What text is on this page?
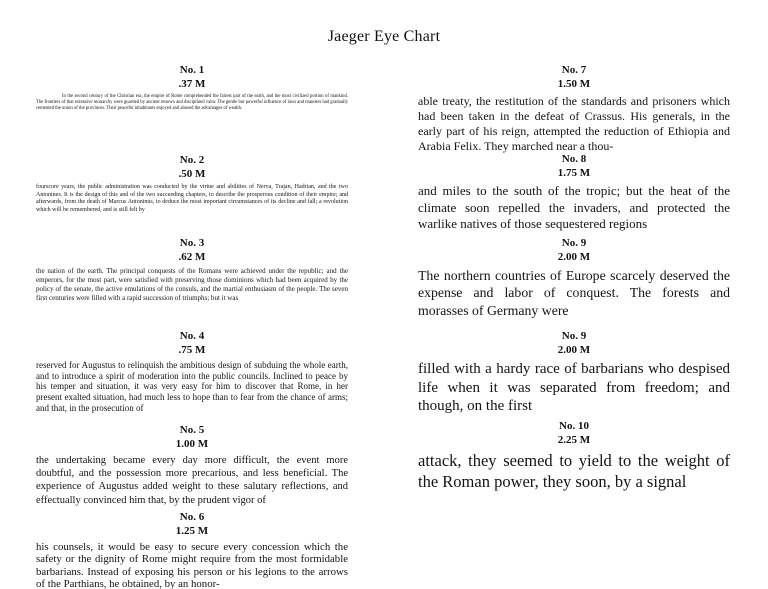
Jaeger Eye Chart
No. 1
.37 M

In the second century of the Christian era, the empire of Rome comprehended the fairest part of the earth, and the most civilized portion of mankind. The frontiers of that extensive monarchy were guarded by ancient renown and disciplined valor. The gentle but powerful influence of laws and manners had gradually cemented the union of the provinces. Their peaceful inhabitants enjoyed and abused the advantages of wealth.

No. 2
.50 M

fourscore years, the public administration was conducted by the virtue and abilities of Nerva, Trajan, Hadrian, and the two Antonines. It is the design of this and of the two succeeding chapters, to describe the prosperous condition of their empire; and afterwards, from the death of Marcus Antoninus, to deduce the most important circumstances of its decline and fall; a revolution which will be remembered, and is still felt by

No. 3
.62 M

the nation of the earth. The principal conquests of the Romans were achieved under the republic; and the emperors, for the most part, were satisfied with preserving those dominions which had been acquired by the policy of the senate, the active emulations of the consuls, and the martial enthusiasm of the people. The seven first centuries were filled with a rapid succession of triumphs; but it was

No. 4
.75 M

reserved for Augustus to relinquish the ambitious design of subduing the whole earth, and to introduce a spirit of moderation into the public councils. Inclined to peace by his temper and situation, it was very easy for him to discover that Rome, in her present exalted situation, had much less to hope than to fear from the chance of arms; and that, in the prosecution of

No. 5
1.00 M

the undertaking became every day more difficult, the event more doubtful, and the possession more precarious, and less beneficial. The experience of Augustus added weight to these salutary reflections, and effectually convinced him that, by the prudent vigor of

No. 6
1.25 M

his counsels, it would be easy to secure every concession which the safety or the dignity of Rome might require from the most formidable barbarians. Instead of exposing his person or his legions to the arrows of the Parthians, he obtained, by an honor-

No. 7
1.50 M

able treaty, the restitution of the standards and prisoners which had been taken in the defeat of Crassus. His generals, in the early part of his reign, attempted the reduction of Ethiopia and Arabia Felix. They marched near a thou-

No. 8
1.75 M

and miles to the south of the tropic; but the heat of the climate soon repelled the invaders, and protected the warlike natives of those sequestered regions

No. 9
2.00 M

The northern countries of Europe scarcely deserved the expense and labor of conquest. The forests and morasses of Germany were

No. 9
2.00 M

filled with a hardy race of barbarians who despised life when it was separated from freedom; and though, on the first

No. 10
2.25 M

attack, they seemed to yield to the weight of the Roman power, they soon, by a signal
